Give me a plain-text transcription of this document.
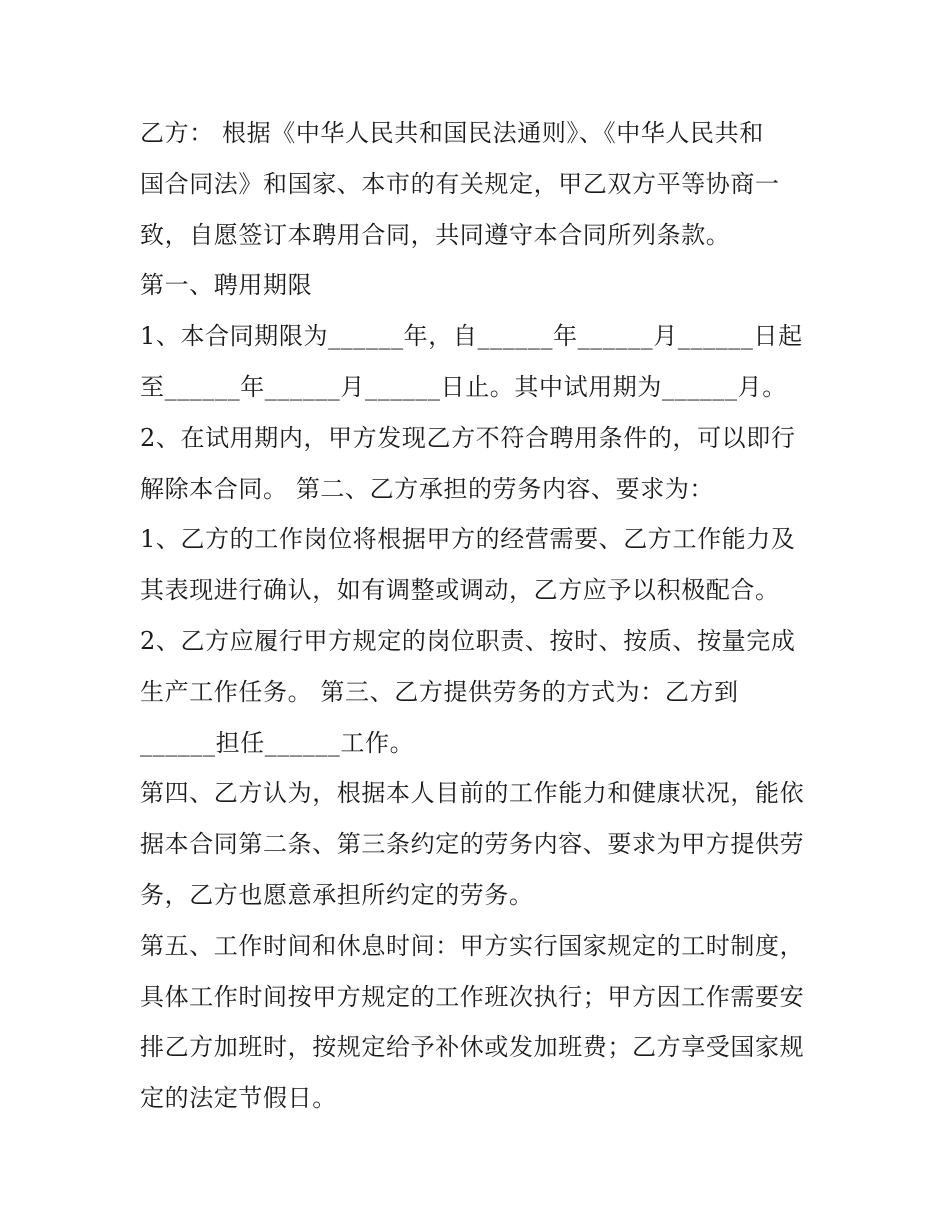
乙方： 根据《中华人民共和国民法通则》、《中华人民共和
国合同法》和国家、本市的有关规定，甲乙双方平等协商一
致，自愿签订本聘用合同，共同遵守本合同所列条款。
第一、聘用期限
1、本合同期限为______年，自______年______月______日起
至______年______月______日止。其中试用期为______月。
2、在试用期内，甲方发现乙方不符合聘用条件的，可以即行
解除本合同。 第二、乙方承担的劳务内容、要求为：
1、乙方的工作岗位将根据甲方的经营需要、乙方工作能力及
其表现进行确认，如有调整或调动，乙方应予以积极配合。
2、乙方应履行甲方规定的岗位职责、按时、按质、按量完成
生产工作任务。 第三、乙方提供劳务的方式为：乙方到
______担任______工作。
第四、乙方认为，根据本人目前的工作能力和健康状况，能依
据本合同第二条、第三条约定的劳务内容、要求为甲方提供劳
务，乙方也愿意承担所约定的劳务。
第五、工作时间和休息时间：甲方实行国家规定的工时制度，
具体工作时间按甲方规定的工作班次执行；甲方因工作需要安
排乙方加班时，按规定给予补休或发加班费；乙方享受国家规
定的法定节假日。
